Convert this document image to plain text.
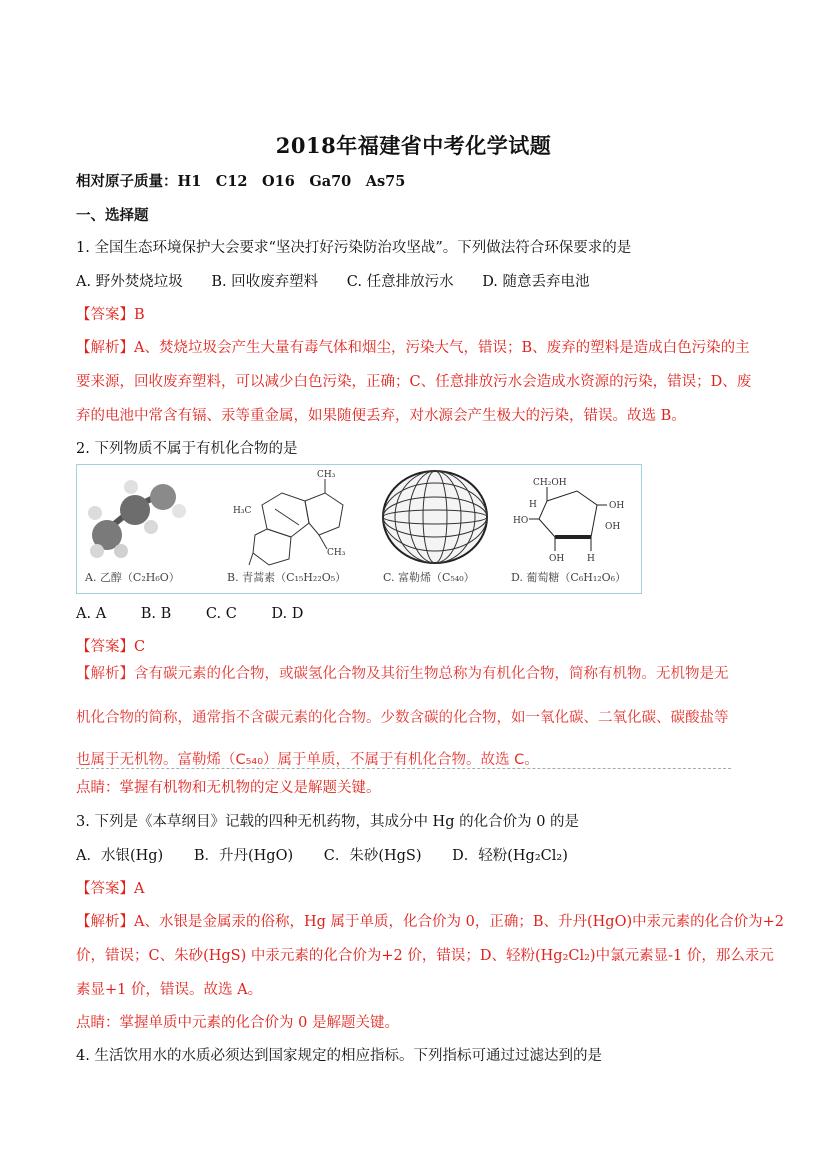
2018年福建省中考化学试题
相对原子质量：H1　C12　O16　Ga70　As75
一、选择题
1. 全国生态环境保护大会要求“坚决打好污染防治攻坚战”。下列做法符合环保要求的是
A. 野外焚烧垃圾 B. 回收废弃塑料 C. 任意排放污水 D. 随意丢弃电池
【答案】B
【解析】A、焚烧垃圾会产生大量有毒气体和烟尘，污染大气，错误；B、废弃的塑料是造成白色污染的主
要来源，回收废弃塑料，可以减少白色污染，正确；C、任意排放污水会造成水资源的污染，错误；D、废
弃的电池中常含有镉、汞等重金属，如果随便丢弃，对水源会产生极大的污染，错误。故选 B。
2. 下列物质不属于有机化合物的是
CH₃
H₃C
CH₃
CH₂OH
OH
H
HO
OH	H
OH
A. 乙醇（C₂H₆O）	B. 青蒿素（C₁₅H₂₂O₅）	C. 富勒烯（C₅₄₀）	D. 葡萄糖（C₆H₁₂O₆）
A. A B. B C. C D. D
【答案】C
【解析】含有碳元素的化合物，或碳氢化合物及其衍生物总称为有机化合物，简称有机物。无机物是无
机化合物的简称，通常指不含碳元素的化合物。少数含碳的化合物，如一氧化碳、二氧化碳、碳酸盐等
也属于无机物。富勒烯（C₅₄₀）属于单质，不属于有机化合物。故选 C。
点睛：掌握有机物和无机物的定义是解题关键。
3. 下列是《本草纲目》记载的四种无机药物，其成分中 Hg 的化合价为 0 的是
A．水银(Hg) B．升丹(HgO) C．朱砂(HgS) D．轻粉(Hg₂Cl₂)
【答案】A
【解析】A、水银是金属汞的俗称，Hg 属于单质，化合价为 0，正确；B、升丹(HgO)中汞元素的化合价为+2
价，错误；C、朱砂(HgS) 中汞元素的化合价为+2 价，错误；D、轻粉(Hg₂Cl₂)中氯元素显-1 价，那么汞元
素显+1 价，错误。故选 A。
点睛：掌握单质中元素的化合价为 0 是解题关键。
4. 生活饮用水的水质必须达到国家规定的相应指标。下列指标可通过过滤达到的是
